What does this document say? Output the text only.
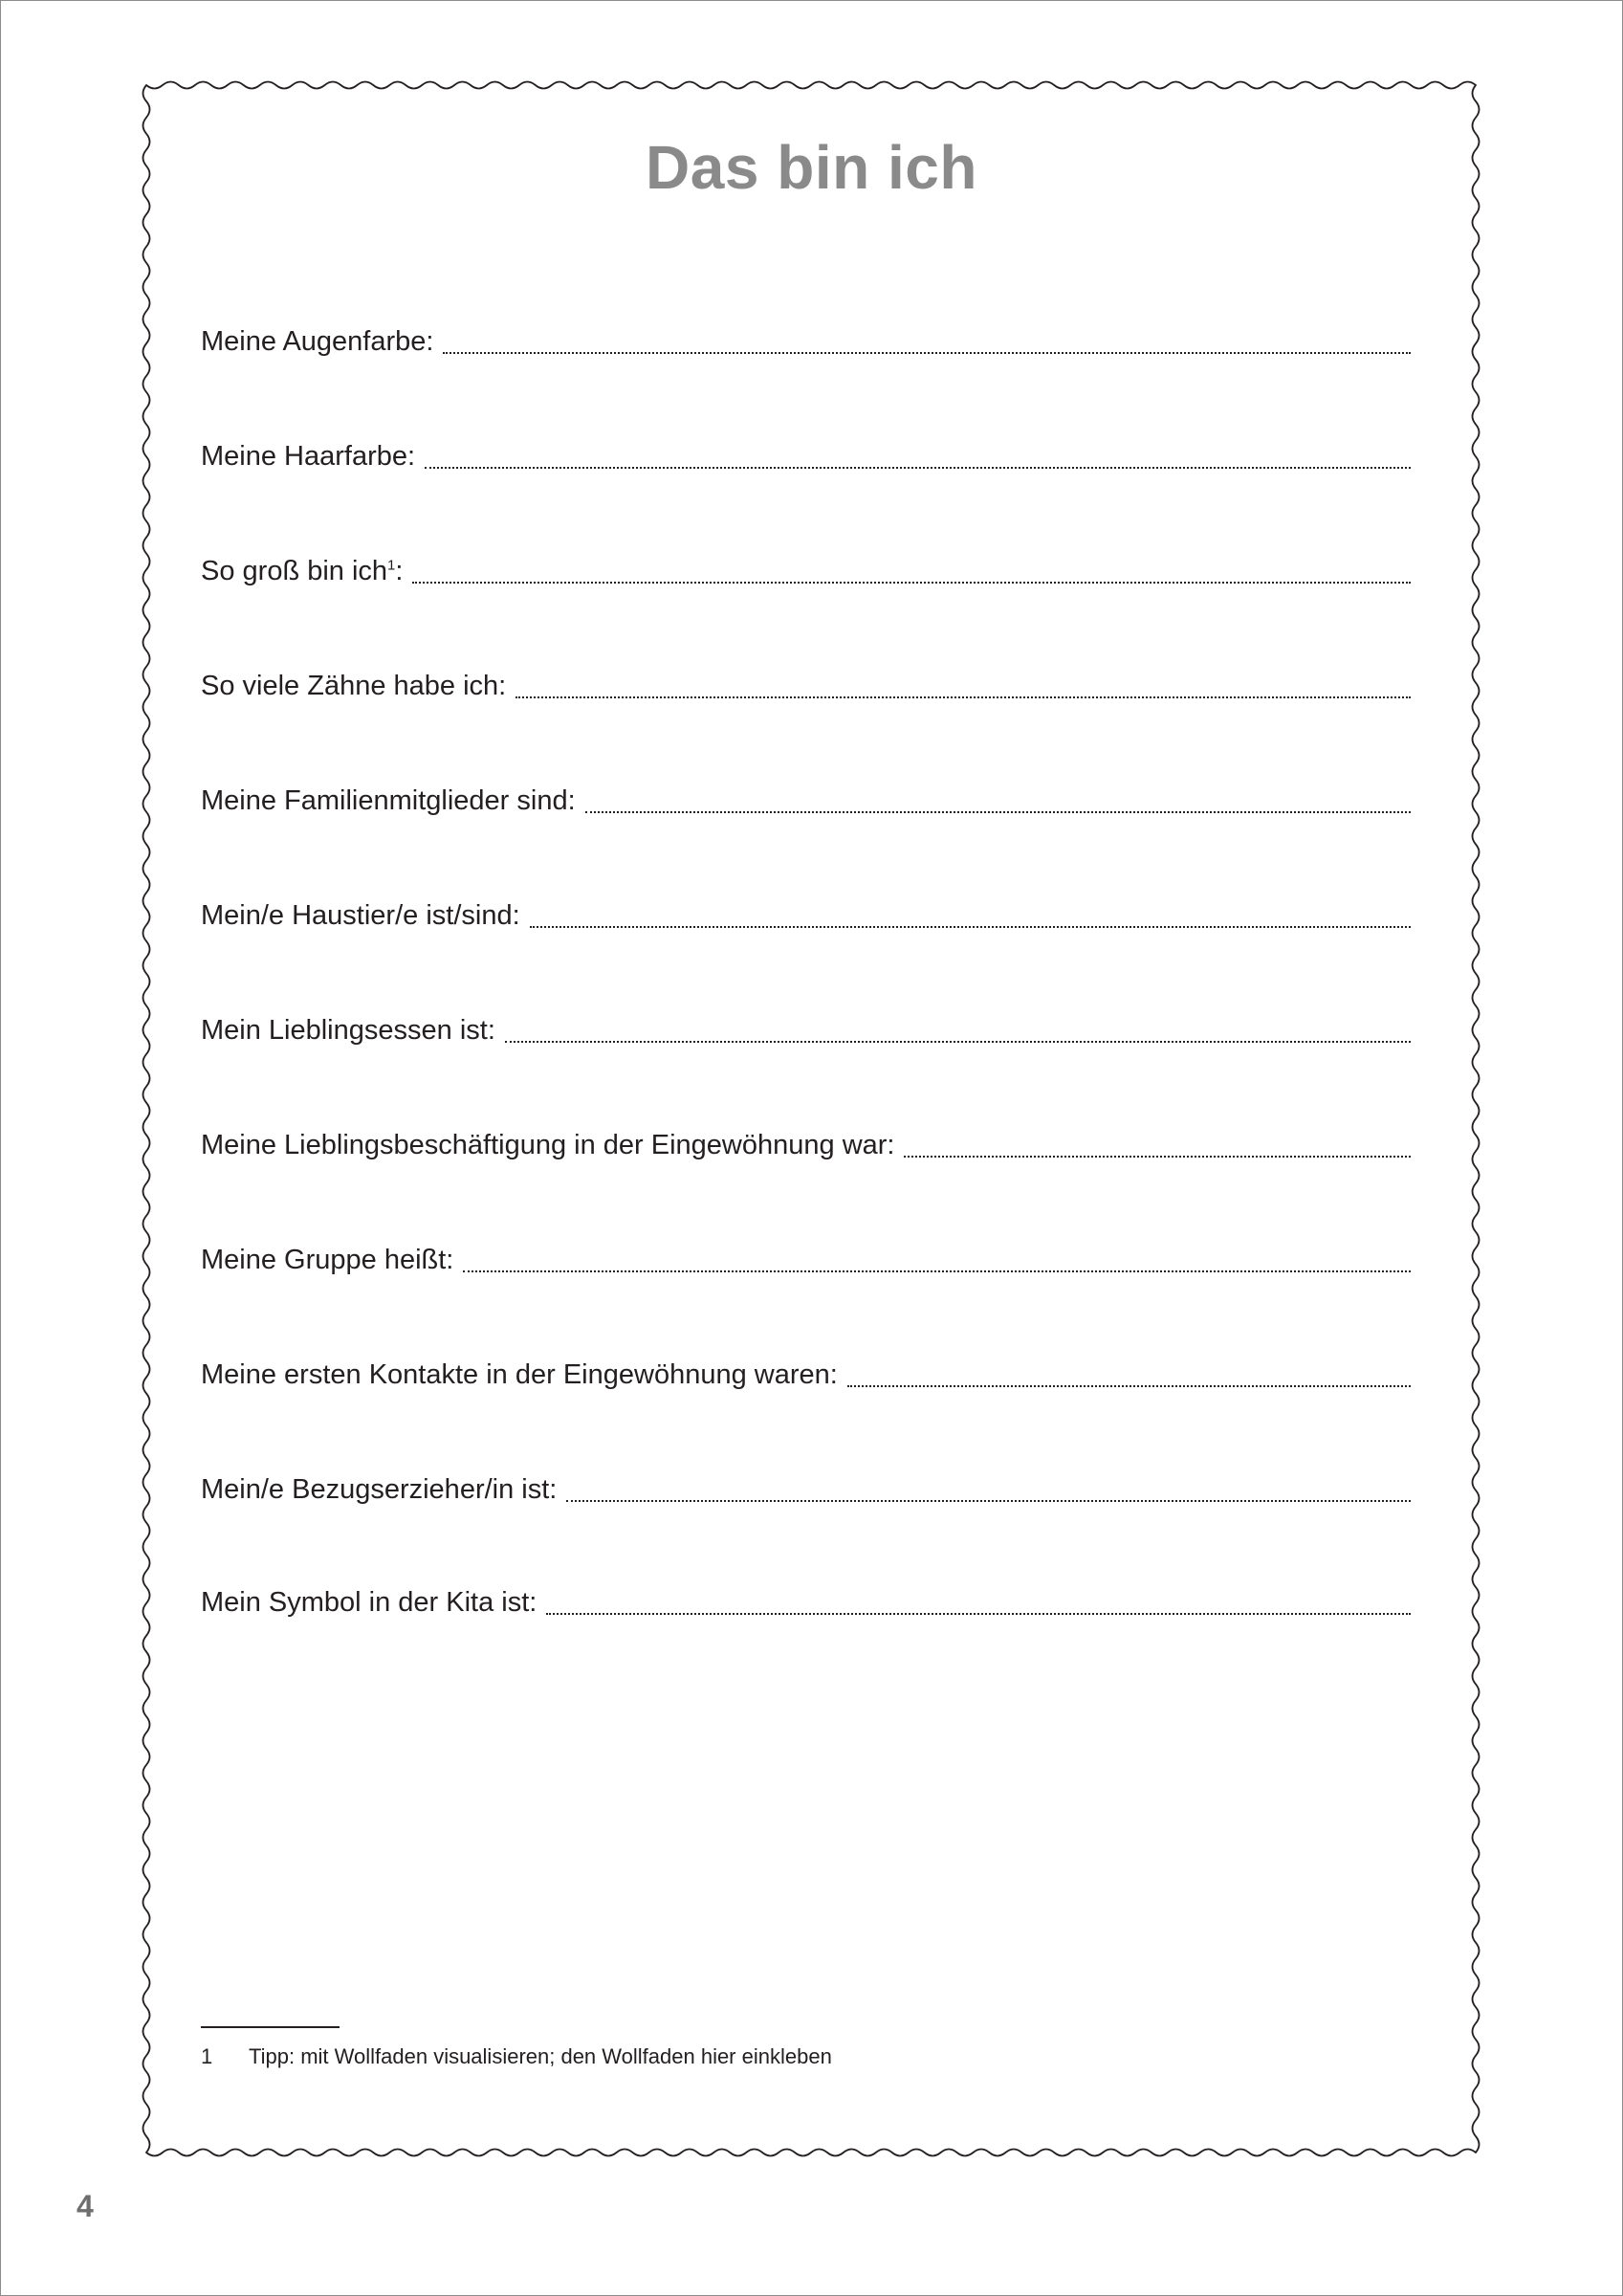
Das bin ich
Meine Augenfarbe:
Meine Haarfarbe:
So groß bin ich$^1$:
So viele Zähne habe ich:
Meine Familienmitglieder sind:
Mein/e Haustier/e ist/sind:
Mein Lieblingsessen ist:
Meine Lieblingsbeschäftigung in der Eingewöhnung war:
Meine Gruppe heißt:
Meine ersten Kontakte in der Eingewöhnung waren:
Mein/e Bezugserzieher/in ist:
Mein Symbol in der Kita ist:
1 Tipp: mit Wollfaden visualisieren; den Wollfaden hier einkleben
4
